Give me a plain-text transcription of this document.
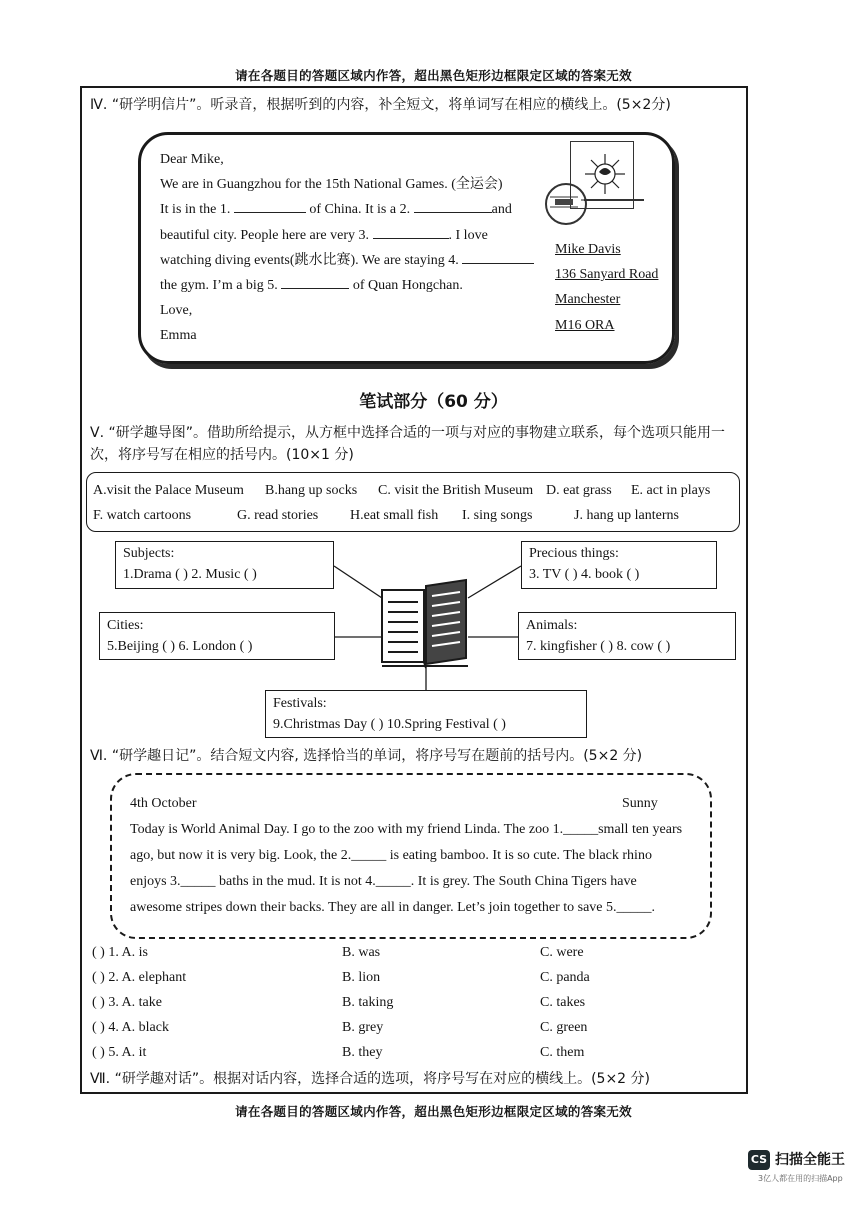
请在各题目的答题区域内作答，超出黑色矩形边框限定区域的答案无效
请在各题目的答题区域内作答，超出黑色矩形边框限定区域的答案无效
Ⅳ. “研学明信片”。听录音，根据听到的内容，补全短文，将单词写在相应的横线上。(5×2分)
Dear Mike,
We are in Guangzhou for the 15th National Games. (全运会)
It is in the 1.	of China. It is a 2.	and
beautiful city. People here are very 3.	. I love
watching diving events(跳水比赛). We are staying 4.
the gym. I’m a big 5.	of Quan Hongchan.
Love,
Emma
Mike Davis
136 Sanyard Road
Manchester
M16 ORA
笔试部分（60 分）
Ⅴ. “研学趣导图”。借助所给提示，从方框中选择合适的一项与对应的事物建立联系，每个选项只能用一
次，将序号写在相应的括号内。(10×1 分)
A.visit the Palace Museum B.hang up socks C. visit the British Museum D. eat grass E. act in plays
F. watch cartoons	G. read stories H.eat small fish I. sing songs	J. hang up lanterns
Subjects:
1.Drama ( ) 2. Music ( )
Precious things:
3. TV ( ) 4. book ( )
Cities:
5.Beijing ( ) 6. London ( )
Animals:
7. kingfisher ( ) 8. cow ( )
Festivals:
9.Christmas Day ( ) 10.Spring Festival ( )
Ⅵ. “研学趣日记”。结合短文内容, 选择恰当的单词，将序号写在题前的括号内。(5×2 分)
4th October	Sunny
Today is World Animal Day. I go to the zoo with my friend Linda. The zoo 1._____small ten years
ago, but now it is very big. Look, the 2._____ is eating bamboo. It is so cute. The black rhino
enjoys 3._____ baths in the mud. It is not 4._____. It is grey. The South China Tigers have
awesome stripes down their backs. They are all in danger. Let’s join together to save 5._____.
( ) 1. A. is	B. was	C. were
( ) 2. A. elephant	B. lion	C. panda
( ) 3. A. take	B. taking	C. takes
( ) 4. A. black	B. grey	C. green
( ) 5. A. it	B. they	C. them
Ⅶ. “研学趣对话”。根据对话内容，选择合适的选项，将序号写在对应的横线上。(5×2 分)
CS 扫描全能王
3亿人都在用的扫描App
